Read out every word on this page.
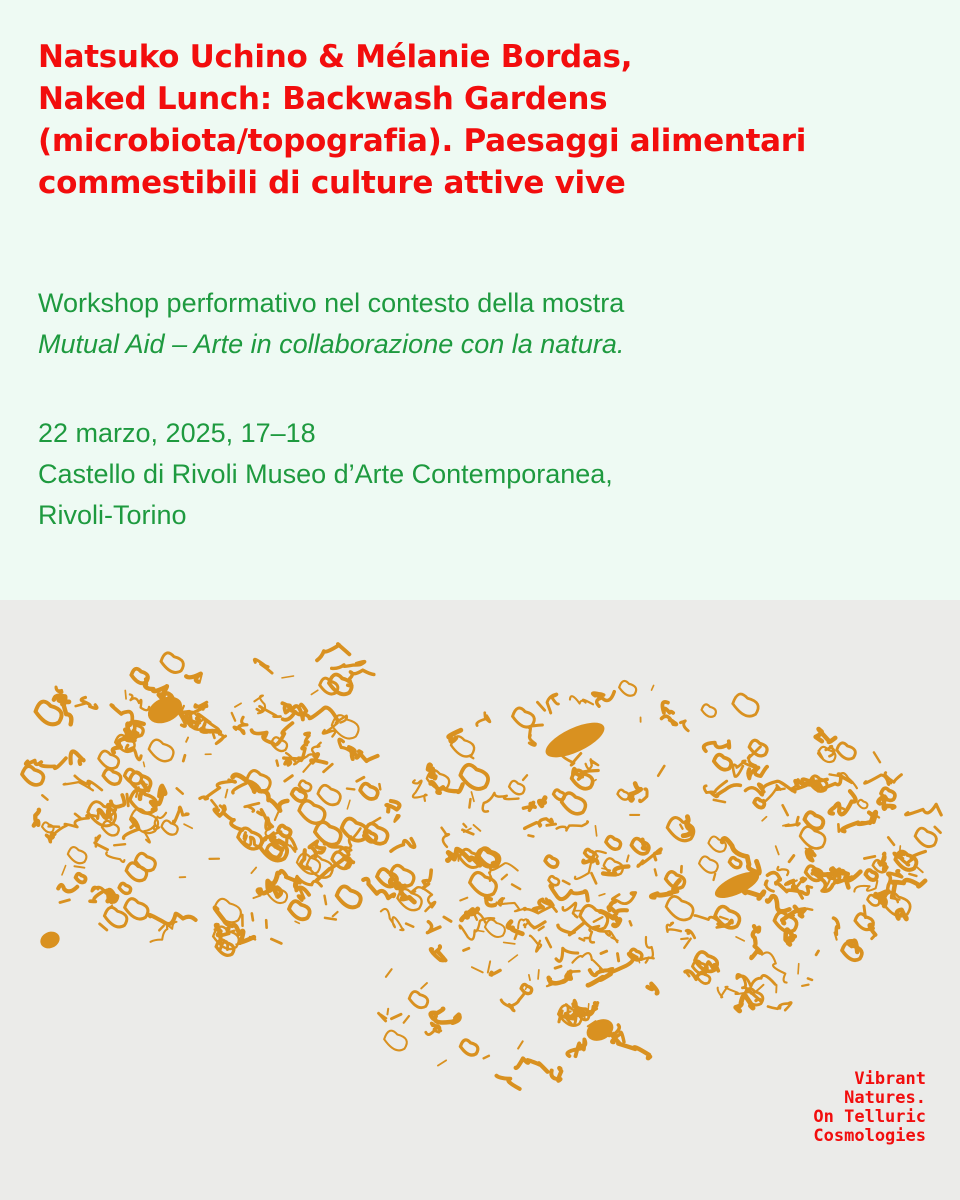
Natsuko Uchino & Mélanie Bordas,
Naked Lunch: Backwash Gardens
(microbiota/topografia). Paesaggi alimentari
commestibili di culture attive vive
Workshop performativo nel contesto della mostra
Mutual Aid – Arte in collaborazione con la natura.
22 marzo, 2025, 17–18
Castello di Rivoli Museo d’Arte Contemporanea,
Rivoli-Torino
Vibrant
Natures.
On Telluric
Cosmologies
